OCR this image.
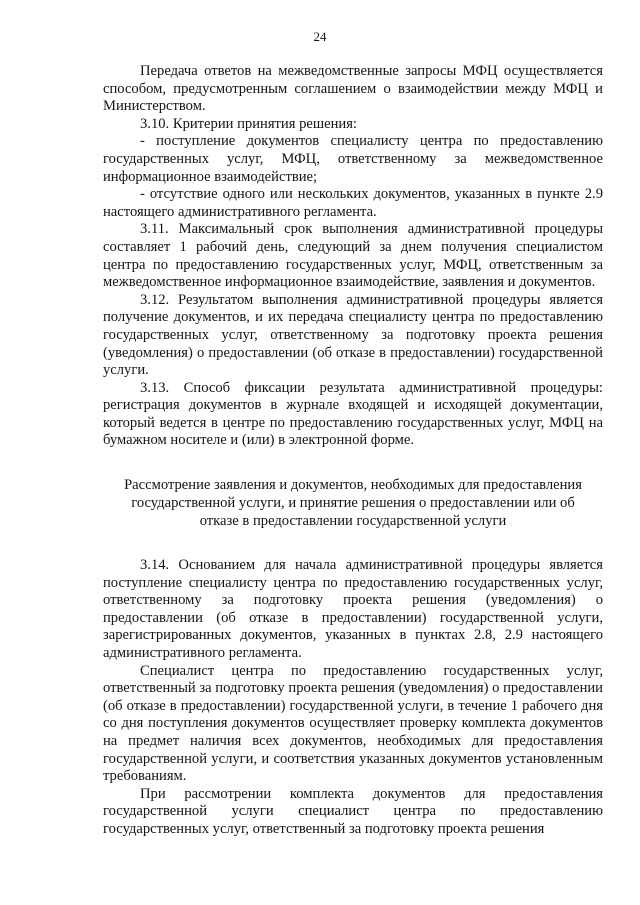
24

Передача ответов на межведомственные запросы МФЦ осуществляется способом, предусмотренным соглашением о взаимодействии между МФЦ и Министерством.

3.10. Критерии принятия решения:

- поступление документов специалисту центра по предоставлению государственных услуг, МФЦ, ответственному за межведомственное информационное взаимодействие;

- отсутствие одного или нескольких документов, указанных в пункте 2.9 настоящего административного регламента.

3.11. Максимальный срок выполнения административной процедуры составляет 1 рабочий день, следующий за днем получения специалистом центра по предоставлению государственных услуг, МФЦ, ответственным за межведомственное информационное взаимодействие, заявления и документов.

3.12. Результатом выполнения административной процедуры является получение документов, и их передача специалисту центра по предоставлению государственных услуг, ответственному за подготовку проекта решения (уведомления) о предоставлении (об отказе в предоставлении) государственной услуги.

3.13. Способ фиксации результата административной процедуры: регистрация документов в журнале входящей и исходящей документации, который ведется в центре по предоставлению государственных услуг, МФЦ на бумажном носителе и (или) в электронной форме.

Рассмотрение заявления и документов, необходимых для предоставления
государственной услуги, и принятие решения о предоставлении или об
отказе в предоставлении государственной услуги

3.14. Основанием для начала административной процедуры является поступление специалисту центра по предоставлению государственных услуг, ответственному за подготовку проекта решения (уведомления) о предоставлении (об отказе в предоставлении) государственной услуги, зарегистрированных документов, указанных в пунктах 2.8, 2.9 настоящего административного регламента.

Специалист центра по предоставлению государственных услуг, ответственный за подготовку проекта решения (уведомления) о предоставлении (об отказе в предоставлении) государственной услуги, в течение 1 рабочего дня со дня поступления документов осуществляет проверку комплекта документов на предмет наличия всех документов, необходимых для предоставления государственной услуги, и соответствия указанных документов установленным требованиям.

При рассмотрении комплекта документов для предоставления государственной услуги специалист центра по предоставлению государственных услуг, ответственный за подготовку проекта решения
